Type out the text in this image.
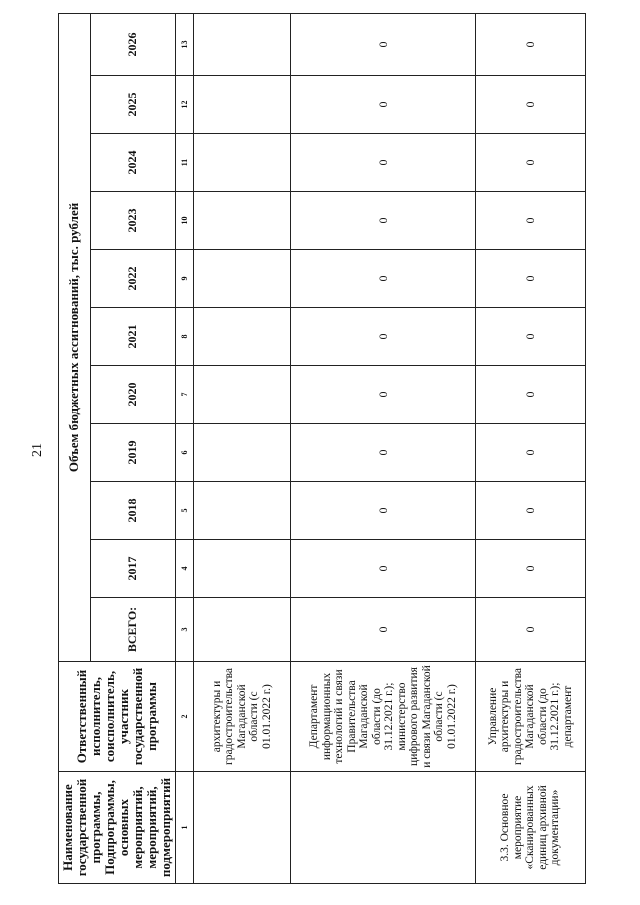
21
Наименование государственной программы, Подпрограммы, основных мероприятий, мероприятий, подмероприятий	Ответственный исполнитель, соисполнитель, участник государственной программы	Объем бюджетных ассигнований, тыс. рублей										
		ВСЕГО:	2017	2018	2019	2020	2021	2022	2023	2024	2025	2026
1	2	3	4	5	6	7	8	9	10	11	12	13
	архитектуры и градостроительства Магаданской области (с 01.01.2022 г.)											
	Департамент информационных технологий и связи Правительства Магаданской области (до 31.12.2021 г.); министерство цифрового развития и связи Магаданской области (с 01.01.2022 г.)	0	0	0	0	0	0	0	0	0	0	0
3.3. Основное мероприятие «Сканированных единиц архивной документации»	Управление архитектуры и градостроительства Магаданской области (до 31.12.2021 г.); департамент	0	0	0	0	0	0	0	0	0	0	0
